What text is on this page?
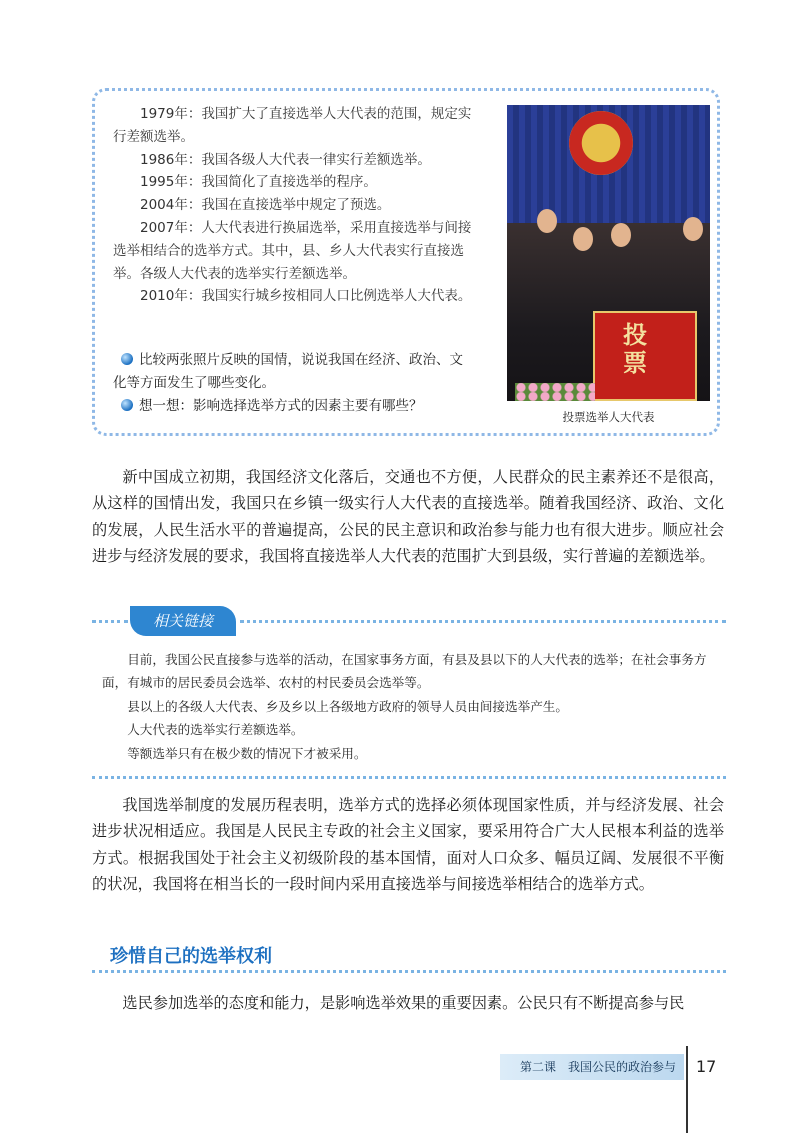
1979年：我国扩大了直接选举人大代表的范围，规定实行差额选举。

1986年：我国各级人大代表一律实行差额选举。

1995年：我国简化了直接选举的程序。

2004年：我国在直接选举中规定了预选。

2007年：人大代表进行换届选举，采用直接选举与间接选举相结合的选举方式。其中，县、乡人大代表实行直接选举。各级人大代表的选举实行差额选举。

2010年：我国实行城乡按相同人口比例选举人大代表。

比较两张照片反映的国情，说说我国在经济、政治、文化等方面发生了哪些变化。

想一想：影响选择选举方式的因素主要有哪些？

投票
投票选举人大代表

新中国成立初期，我国经济文化落后，交通也不方便，人民群众的民主素养还不是很高，从这样的国情出发，我国只在乡镇一级实行人大代表的直接选举。随着我国经济、政治、文化的发展，人民生活水平的普遍提高，公民的民主意识和政治参与能力也有很大进步。顺应社会进步与经济发展的要求，我国将直接选举人大代表的范围扩大到县级，实行普遍的差额选举。

相关链接

目前，我国公民直接参与选举的活动，在国家事务方面，有县及县以下的人大代表的选举；在社会事务方面，有城市的居民委员会选举、农村的村民委员会选举等。

县以上的各级人大代表、乡及乡以上各级地方政府的领导人员由间接选举产生。

人大代表的选举实行差额选举。

等额选举只有在极少数的情况下才被采用。

我国选举制度的发展历程表明，选举方式的选择必须体现国家性质，并与经济发展、社会进步状况相适应。我国是人民民主专政的社会主义国家，要采用符合广大人民根本利益的选举方式。根据我国处于社会主义初级阶段的基本国情，面对人口众多、幅员辽阔、发展很不平衡的状况，我国将在相当长的一段时间内采用直接选举与间接选举相结合的选举方式。

珍惜自己的选举权利

选民参加选举的态度和能力，是影响选举效果的重要因素。公民只有不断提高参与民

第二课　我国公民的政治参与	17
